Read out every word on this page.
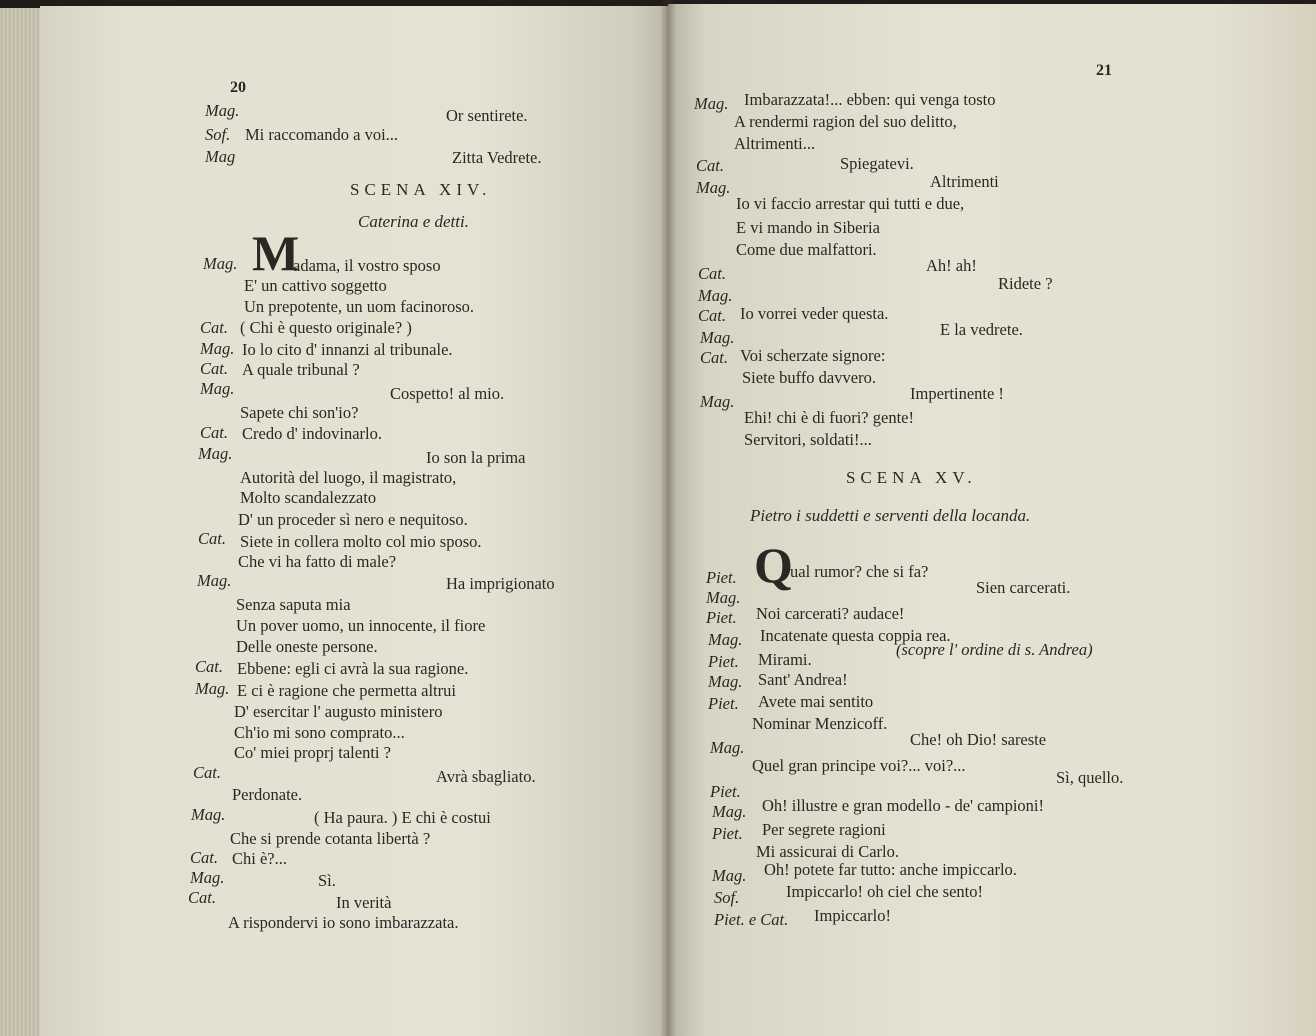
20
Mag.	Or sentirete.
Sof. Mi raccomando a voi...
Mag	Zitta Vedrete.
SCENA XIV.
Caterina e detti.
Mag. M
adama, il vostro sposo
E' un cattivo soggetto
Un prepotente, un uom facinoroso.
Cat. ( Chi è questo originale? )
Mag. Io lo cito d' innanzi al tribunale.
Cat. A quale tribunal ?
Mag.	Cospetto! al mio.
Sapete chi son'io?
Cat. Credo d' indovinarlo.
Mag.	Io son la prima
Autorità del luogo, il magistrato,
Molto scandalezzato
D' un proceder sì nero e nequitoso.
Cat. Siete in collera molto col mio sposo.
Che vi ha fatto di male?
Mag.	Ha imprigionato
Senza saputa mia
Un pover uomo, un innocente, il fiore
Delle oneste persone.
Cat. Ebbene: egli ci avrà la sua ragione.
Mag. E ci è ragione che permetta altrui
D' esercitar l' augusto ministero
Ch'io mi sono comprato...
Co' miei proprj talenti ?
Cat.	Avrà sbagliato.
Perdonate.
Mag.	( Ha paura. ) E chi è costui
Che si prende cotanta libertà ?
Cat. Chi è?...
Mag.	Sì.
Cat.	In verità
A rispondervi io sono imbarazzata.
21
Mag. Imbarazzata!... ebben: qui venga tosto
A rendermi ragion del suo delitto,
Altrimenti...
Cat.	Spiegatevi.
Mag.	Altrimenti
Io vi faccio arrestar qui tutti e due,
E vi mando in Siberia
Come due malfattori.
Cat.	Ah! ah!
Mag.
Ridete ?
Cat. Io vorrei veder questa.
Mag.	E la vedrete.
Cat. Voi scherzate signore:
Siete buffo davvero.
Mag.	Impertinente !
Ehi! chi è di fuori? gente!
Servitori, soldati!...
SCENA XV.
Pietro i suddetti e serventi della locanda.
Piet. Q
ual rumor? che si fa?
Mag.
Sien carcerati.
Piet. Noi carcerati? audace!
Mag. Incatenate questa coppia rea.
Piet. Mirami.
(scopre l' ordine di s. Andrea)
Mag. Sant' Andrea!
Piet. Avete mai sentito
Nominar Menzicoff.
Mag.	Che! oh Dio! sareste
Quel gran principe voi?... voi?...
Piet.
Sì, quello.
Mag. Oh! illustre e gran modello - de' campioni!
Piet. Per segrete ragioni
Mi assicurai di Carlo.
Mag. Oh! potete far tutto: anche impiccarlo.
Sof.	Impiccarlo! oh ciel che sento!
Piet. e Cat. Impiccarlo!
